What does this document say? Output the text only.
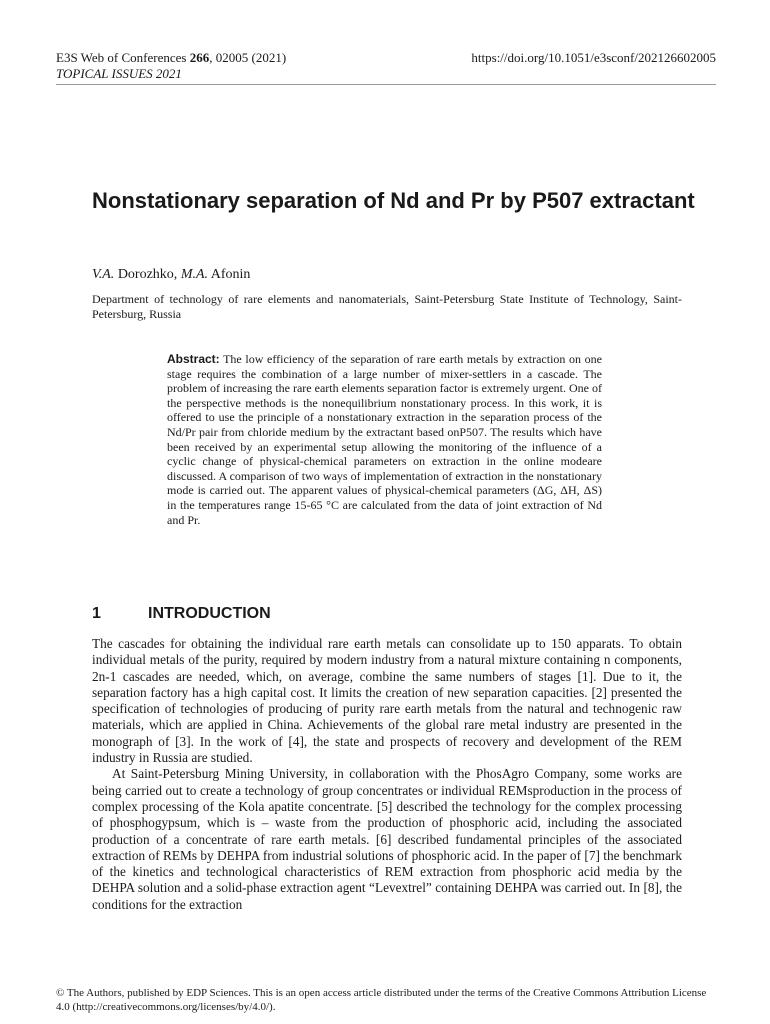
E3S Web of Conferences 266, 02005 (2021)
TOPICAL ISSUES 2021
https://doi.org/10.1051/e3sconf/202126602005
Nonstationary separation of Nd and Pr by P507 extractant
V.A. Dorozhko, M.A. Afonin
Department of technology of rare elements and nanomaterials, Saint-Petersburg State Institute of Technology, Saint-Petersburg, Russia

Abstract: The low efficiency of the separation of rare earth metals by extraction on one stage requires the combination of a large number of mixer-settlers in a cascade. The problem of increasing the rare earth elements separation factor is extremely urgent. One of the perspective methods is the nonequilibrium nonstationary process. In this work, it is offered to use the principle of a nonstationary extraction in the separation process of the Nd/Pr pair from chloride medium by the extractant based onP507. The results which have been received by an experimental setup allowing the monitoring of the influence of a cyclic change of physical-chemical parameters on extraction in the online modeare discussed. A comparison of two ways of implementation of extraction in the nonstationary mode is carried out. The apparent values of physical-chemical parameters (ΔG, ΔH, ΔS) in the temperatures range 15-65 °C are calculated from the data of joint extraction of Nd and Pr.

1	INTRODUCTION

The cascades for obtaining the individual rare earth metals can consolidate up to 150 apparats. To obtain individual metals of the purity, required by modern industry from a natural mixture containing n components, 2n-1 cascades are needed, which, on average, combine the same numbers of stages [1]. Due to it, the separation factory has a high capital cost. It limits the creation of new separation capacities. [2] presented the specification of technologies of producing of purity rare earth metals from the natural and technogenic raw materials, which are applied in China. Achievements of the global rare metal industry are presented in the monograph of [3]. In the work of [4], the state and prospects of recovery and development of the REM industry in Russia are studied.

At Saint-Petersburg Mining University, in collaboration with the PhosAgro Company, some works are being carried out to create a technology of group concentrates or individual REMsproduction in the process of complex processing of the Kola apatite concentrate. [5] described the technology for the complex processing of phosphogypsum, which is – waste from the production of phosphoric acid, including the associated production of a concentrate of rare earth metals. [6] described fundamental principles of the associated extraction of REMs by DEHPA from industrial solutions of phosphoric acid. In the paper of [7] the benchmark of the kinetics and technological characteristics of REM extraction from phosphoric acid media by the DEHPA solution and a solid-phase extraction agent “Levextrel” containing DEHPA was carried out. In [8], the conditions for the extraction

© The Authors, published by EDP Sciences. This is an open access article distributed under the terms of the Creative Commons Attribution License 4.0 (http://creativecommons.org/licenses/by/4.0/).
